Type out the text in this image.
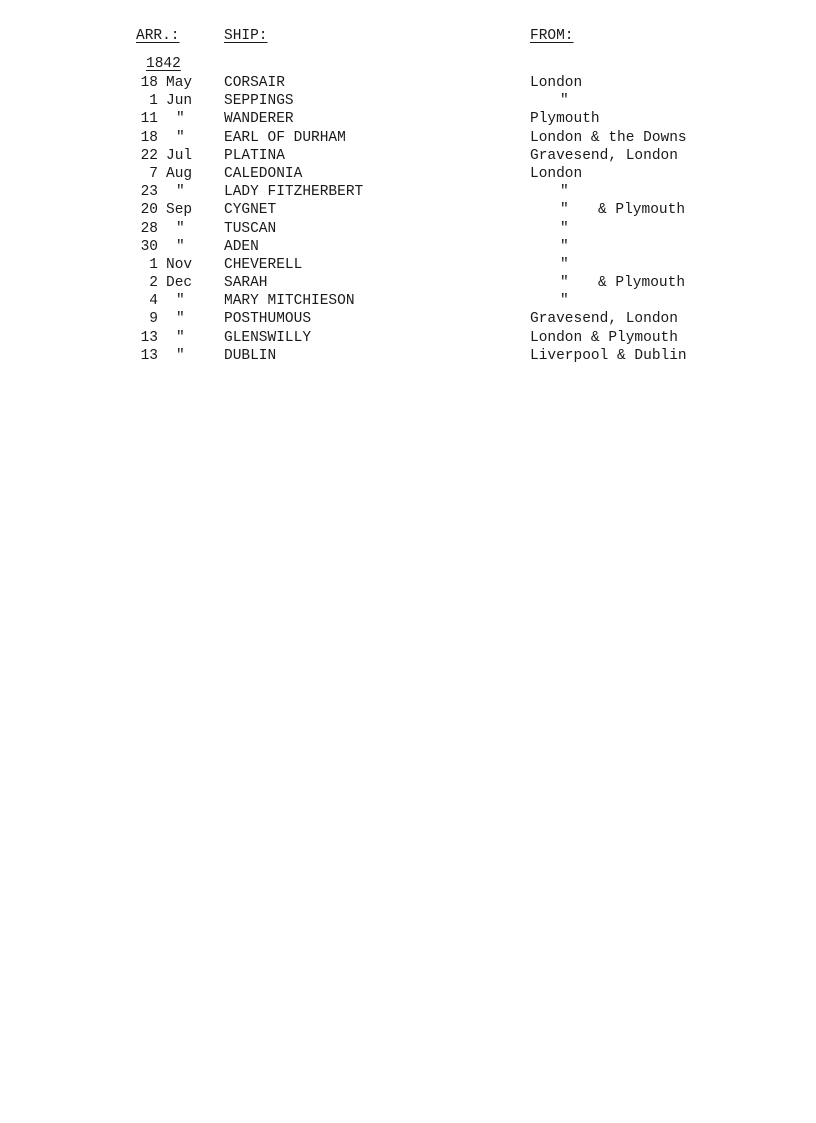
ARR.:	SHIP:	FROM:
1842
18 May	CORSAIR	London
1 Jun	SEPPINGS	"
11 "	WANDERER	Plymouth
18 "	EARL OF DURHAM	London & the Downs
22 Jul	PLATINA	Gravesend, London
7 Aug	CALEDONIA	London
23 "	LADY FITZHERBERT	"
20 Sep	CYGNET	" & Plymouth
28 "	TUSCAN	"
30 "	ADEN	"
1 Nov	CHEVERELL	"
2 Dec	SARAH	" & Plymouth
4 "	MARY MITCHIESON	"
9 "	POSTHUMOUS	Gravesend, London
13 "	GLENSWILLY	London & Plymouth
13 "	DUBLIN	Liverpool & Dublin
